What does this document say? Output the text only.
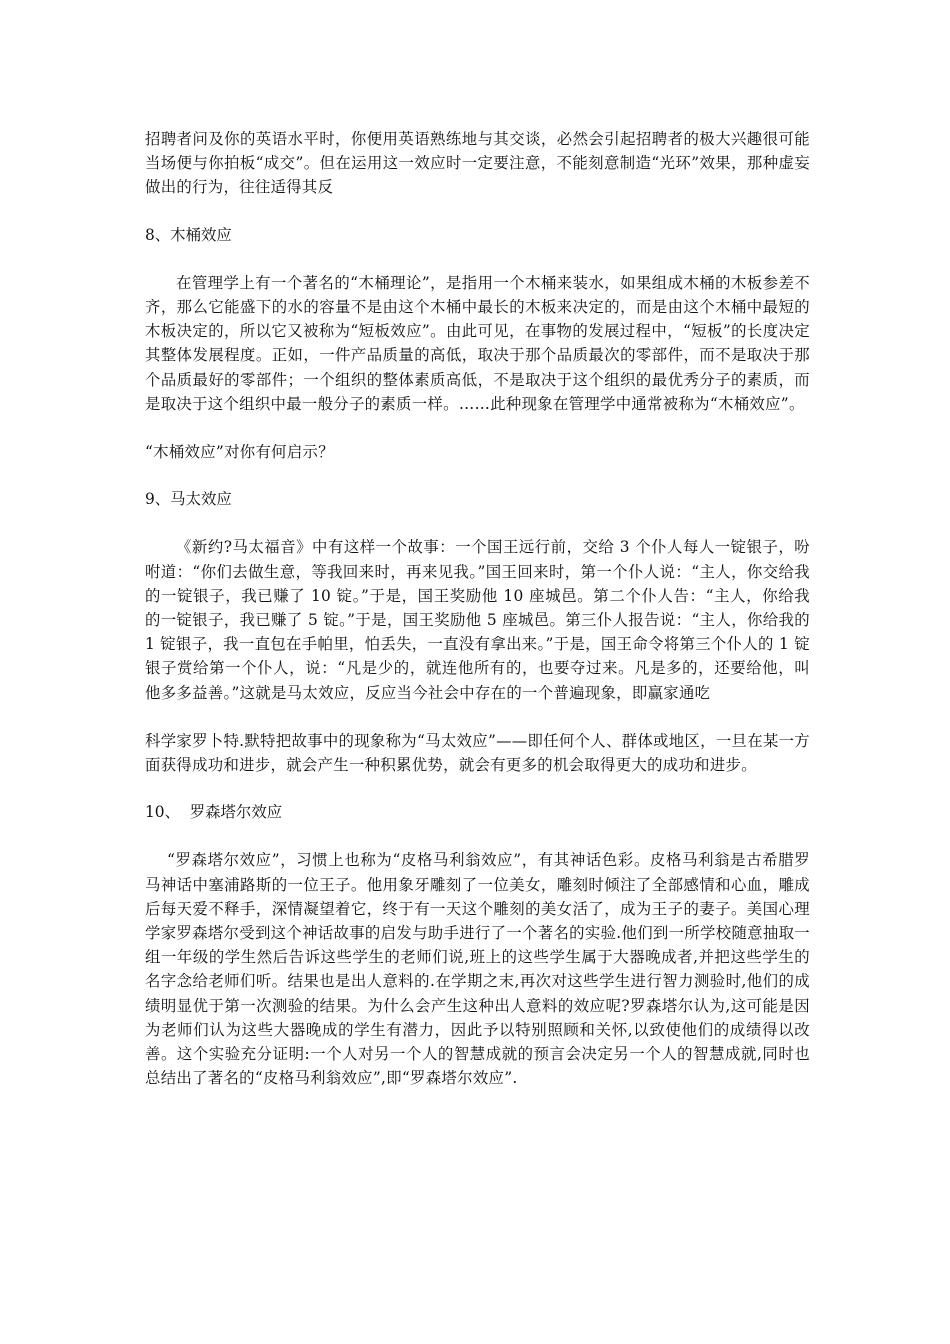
招聘者问及你的英语水平时，你便用英语熟练地与其交谈，必然会引起招聘者的极大兴趣很可能当场便与你拍板“成交”。但在运用这一效应时一定要注意，不能刻意制造“光环”效果，那种虚妄做出的行为，往往适得其反

8、木桶效应

在管理学上有一个著名的“木桶理论”，是指用一个木桶来装水，如果组成木桶的木板参差不齐，那么它能盛下的水的容量不是由这个木桶中最长的木板来决定的，而是由这个木桶中最短的木板决定的，所以它又被称为“短板效应”。由此可见，在事物的发展过程中，“短板”的长度决定其整体发展程度。正如，一件产品质量的高低，取决于那个品质最次的零部件，而不是取决于那个品质最好的零部件；一个组织的整体素质高低，不是取决于这个组织的最优秀分子的素质，而是取决于这个组织中最一般分子的素质一样。……此种现象在管理学中通常被称为“木桶效应”。

“木桶效应”对你有何启示？

9、马太效应

《新约?马太福音》中有这样一个故事：一个国王远行前，交给 3 个仆人每人一锭银子，吩咐道：“你们去做生意，等我回来时，再来见我。”国王回来时，第一个仆人说：“主人，你交给我的一锭银子，我已赚了 10 锭。”于是，国王奖励他 10 座城邑。第二个仆人告：“主人，你给我的一锭银子，我已赚了 5 锭。”于是，国王奖励他 5 座城邑。第三仆人报告说：“主人，你给我的 1 锭银子，我一直包在手帕里，怕丢失，一直没有拿出来。”于是，国王命令将第三个仆人的 1 锭银子赏给第一个仆人，说：“凡是少的，就连他所有的，也要夺过来。凡是多的，还要给他，叫他多多益善。”这就是马太效应，反应当今社会中存在的一个普遍现象，即赢家通吃

科学家罗卜特.默特把故事中的现象称为“马太效应”——即任何个人、群体或地区，一旦在某一方面获得成功和进步，就会产生一种积累优势，就会有更多的机会取得更大的成功和进步。

10、  罗森塔尔效应

“罗森塔尔效应”，习惯上也称为“皮格马利翁效应”，有其神话色彩。皮格马利翁是古希腊罗马神话中塞浦路斯的一位王子。他用象牙雕刻了一位美女，雕刻时倾注了全部感情和心血，雕成后每天爱不释手，深情凝望着它，终于有一天这个雕刻的美女活了，成为王子的妻子。美国心理学家罗森塔尔受到这个神话故事的启发与助手进行了一个著名的实验.他们到一所学校随意抽取一组一年级的学生然后告诉这些学生的老师们说,班上的这些学生属于大器晚成者,并把这些学生的名字念给老师们听。结果也是出人意料的.在学期之末,再次对这些学生进行智力测验时,他们的成绩明显优于第一次测验的结果。为什么会产生这种出人意料的效应呢?罗森塔尔认为,这可能是因为老师们认为这些大器晚成的学生有潜力，因此予以特别照顾和关怀,以致使他们的成绩得以改善。这个实验充分证明:一个人对另一个人的智慧成就的预言会决定另一个人的智慧成就,同时也总结出了著名的“皮格马利翁效应”,即“罗森塔尔效应”.
